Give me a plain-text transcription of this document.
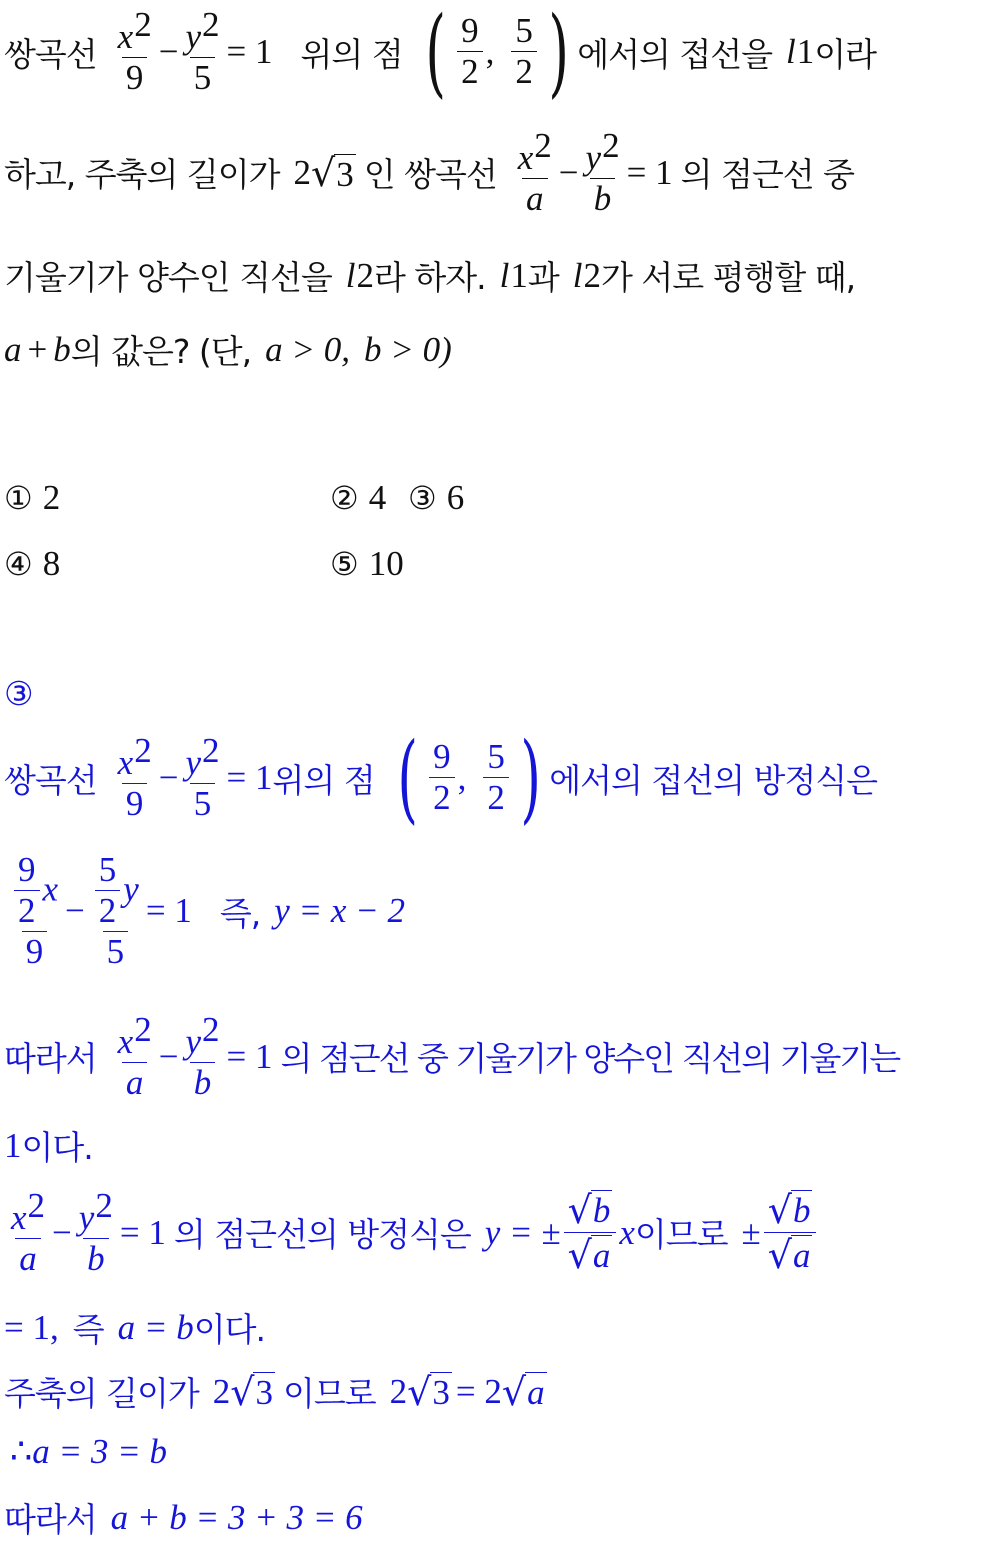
쌍곡선 $\frac{x^2}{9} - \frac{y^2}{5} = 1$ 위의 점 ( $\frac{9}{2}$ , $\frac{5}{2}$ ) 에서의 접선을 l 1 이라
하고, 주축의 길이가 2 √ 3 인 쌍곡선 $\frac{x^2}{a} - \frac{y^2}{b} = 1$ 의 점근선 중
기울기가 양수인 직선을 l 2 라 하자. l 1 과 l 2 가 서로 평행할 때,
a + b 의 값은? (단, a > 0, b > 0)
① 2	② 4 ③ 6
④ 8	⑤ 10
③
쌍곡선 $\frac{x^2}{9} - \frac{y^2}{5} = 1$ 위의 점 ( $\frac{9}{2}$ , $\frac{5}{2}$ ) 에서의 접선의 방정식은
$\frac{\frac{9}{2} x}{9} - \frac{\frac{5}{2} y}{5} = 1$ 즉, y = x − 2
따라서 $\frac{x^2}{a} - \frac{y^2}{b} = 1$ 의 점근선 중 기울기가 양수인 직선의 기울기는
1 이다.
$\frac{x^2}{a} - \frac{y^2}{b} = 1$ 의 점근선의 방정식은 y = ± $\frac{√ b}{√ a}$ x 이므로 ± $\frac{√ b}{√ a}$
= 1, 즉 a = b 이다.
주축의 길이가 2 √ 3 이므로 2 √ 3 = 2 √ a
∴ a = 3 = b
따라서 a + b = 3 + 3 = 6
